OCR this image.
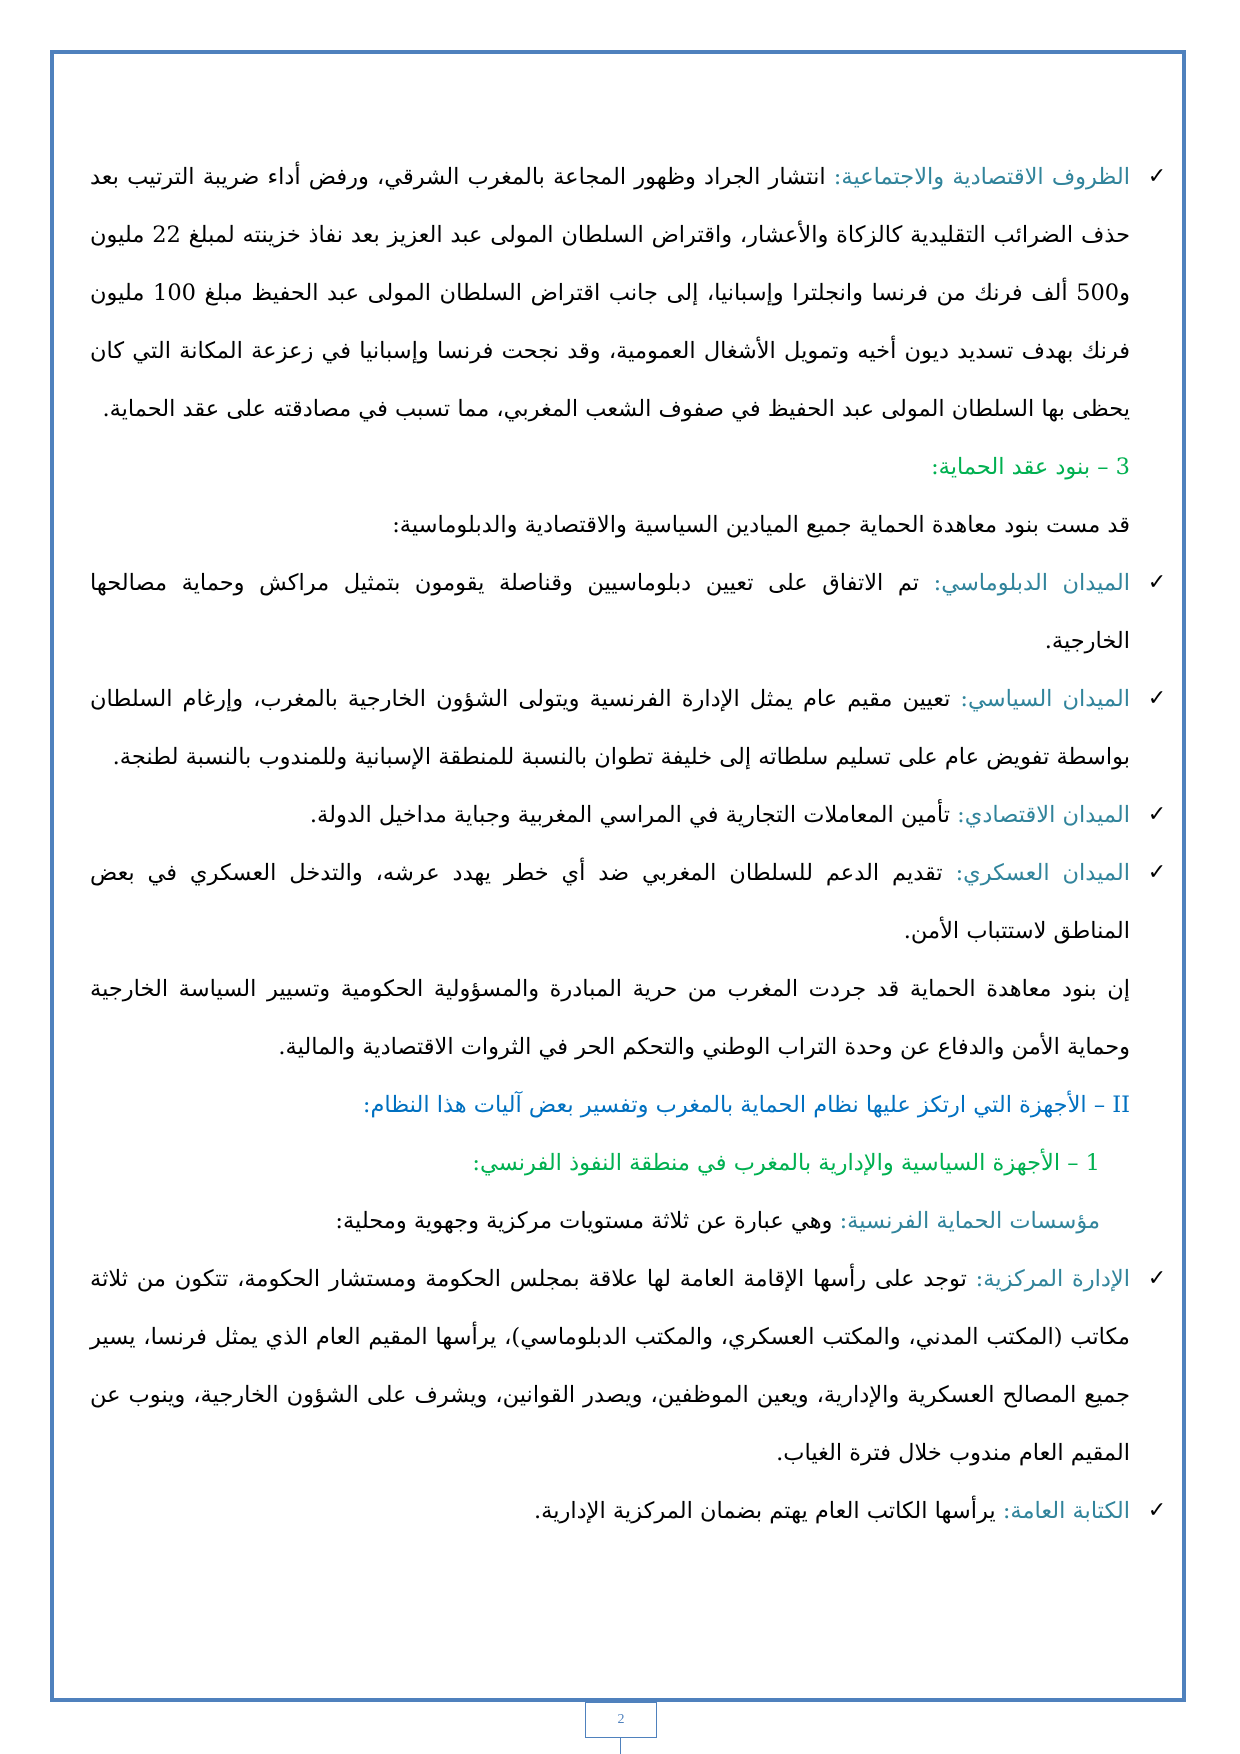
✓
الظروف الاقتصادية والاجتماعية: انتشار الجراد وظهور المجاعة بالمغرب الشرقي، ورفض أداء ضريبة الترتيب بعد حذف الضرائب التقليدية كالزكاة والأعشار، واقتراض السلطان المولى عبد العزيز بعد نفاذ خزينته لمبلغ 22 مليون و500 ألف فرنك من فرنسا وانجلترا وإسبانيا، إلى جانب اقتراض السلطان المولى عبد الحفيظ مبلغ 100 مليون فرنك بهدف تسديد ديون أخيه وتمويل الأشغال العمومية، وقد نجحت فرنسا وإسبانيا في زعزعة المكانة التي كان يحظى بها السلطان المولى عبد الحفيظ في صفوف الشعب المغربي، مما تسبب في مصادقته على عقد الحماية.

3 – بنود عقد الحماية:

قد مست بنود معاهدة الحماية جميع الميادين السياسية والاقتصادية والدبلوماسية:

✓
الميدان الدبلوماسي: تم الاتفاق على تعيين دبلوماسيين وقناصلة يقومون بتمثيل مراكش وحماية مصالحها الخارجية.

✓
الميدان السياسي: تعيين مقيم عام يمثل الإدارة الفرنسية ويتولى الشؤون الخارجية بالمغرب، وإرغام السلطان بواسطة تفويض عام على تسليم سلطاته إلى خليفة تطوان بالنسبة للمنطقة الإسبانية وللمندوب بالنسبة لطنجة.

✓
الميدان الاقتصادي: تأمين المعاملات التجارية في المراسي المغربية وجباية مداخيل الدولة.

✓
الميدان العسكري: تقديم الدعم للسلطان المغربي ضد أي خطر يهدد عرشه، والتدخل العسكري في بعض المناطق لاستتباب الأمن.

إن بنود معاهدة الحماية قد جردت المغرب من حرية المبادرة والمسؤولية الحكومية وتسيير السياسة الخارجية وحماية الأمن والدفاع عن وحدة التراب الوطني والتحكم الحر في الثروات الاقتصادية والمالية.

II – الأجهزة التي ارتكز عليها نظام الحماية بالمغرب وتفسير بعض آليات هذا النظام:

1 – الأجهزة السياسية والإدارية بالمغرب في منطقة النفوذ الفرنسي:

مؤسسات الحماية الفرنسية: وهي عبارة عن ثلاثة مستويات مركزية وجهوية ومحلية:

✓
الإدارة المركزية: توجد على رأسها الإقامة العامة لها علاقة بمجلس الحكومة ومستشار الحكومة، تتكون من ثلاثة مكاتب (المكتب المدني، والمكتب العسكري، والمكتب الدبلوماسي)، يرأسها المقيم العام الذي يمثل فرنسا، يسير جميع المصالح العسكرية والإدارية، ويعين الموظفين، ويصدر القوانين، ويشرف على الشؤون الخارجية، وينوب عن المقيم العام مندوب خلال فترة الغياب.

✓
الكتابة العامة: يرأسها الكاتب العام يهتم بضمان المركزية الإدارية.

2
